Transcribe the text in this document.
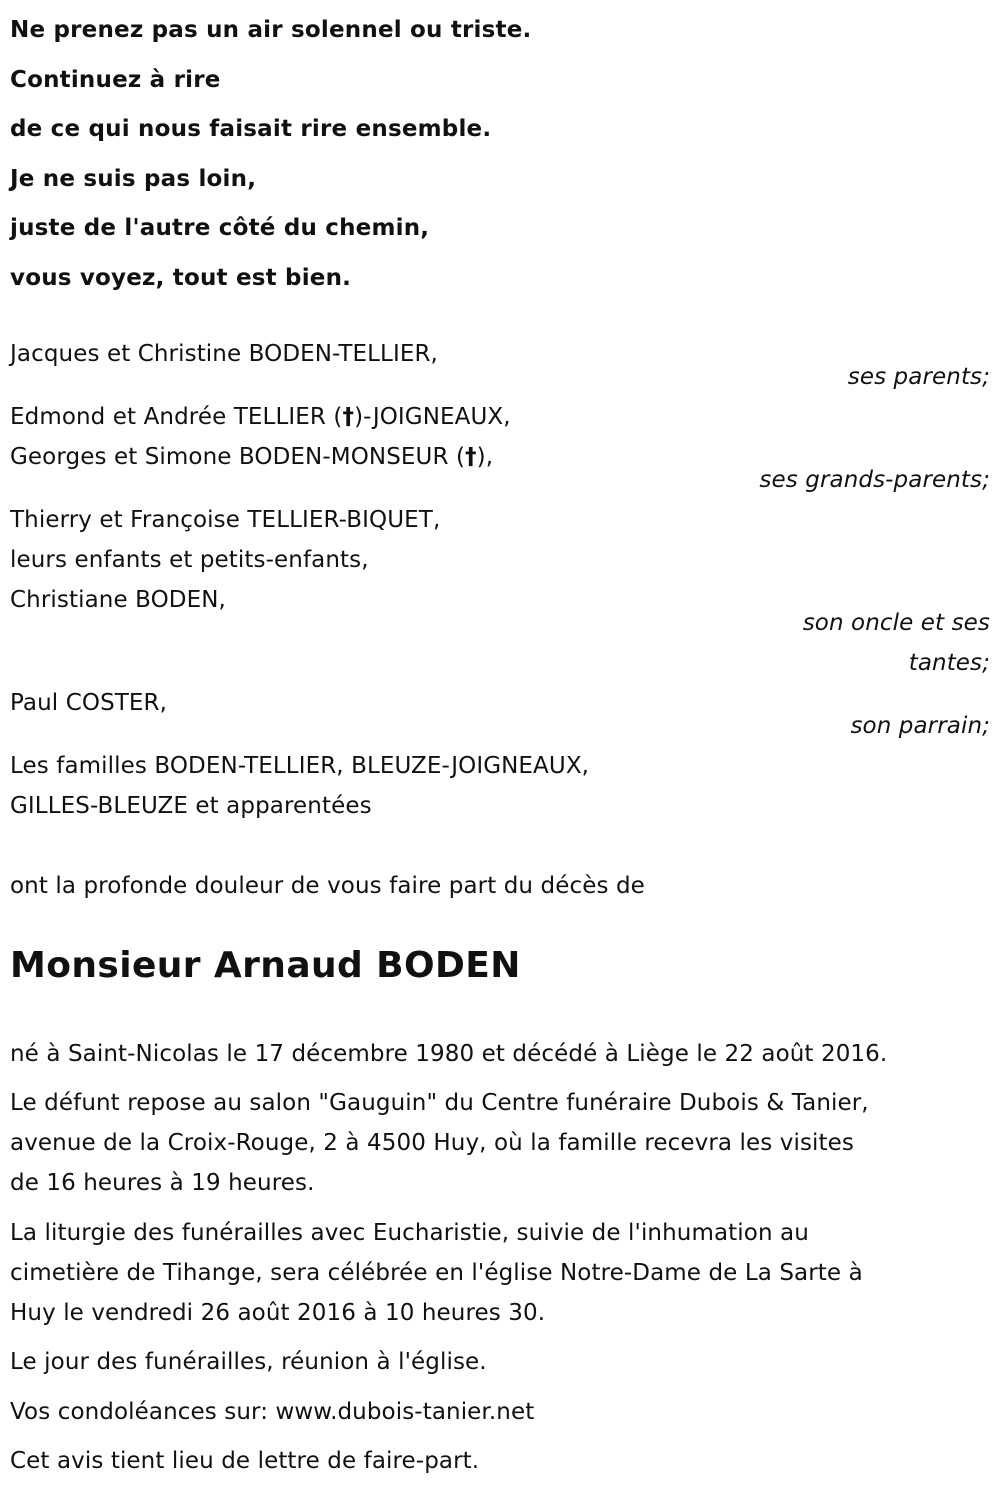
Ne prenez pas un air solennel ou triste.
Continuez à rire
de ce qui nous faisait rire ensemble.
Je ne suis pas loin,
juste de l'autre côté du chemin,
vous voyez, tout est bien.
Jacques et Christine BODEN-TELLIER,
ses parents;
Edmond et Andrée TELLIER (†)-JOIGNEAUX,
Georges et Simone BODEN-MONSEUR (†),
ses grands-parents;
Thierry et Françoise TELLIER-BIQUET,
leurs enfants et petits-enfants,
Christiane BODEN,
son oncle et ses
tantes;
Paul COSTER,
son parrain;
Les familles BODEN-TELLIER, BLEUZE-JOIGNEAUX,
GILLES-BLEUZE et apparentées
ont la profonde douleur de vous faire part du décès de
Monsieur Arnaud BODEN
né à Saint-Nicolas le 17 décembre 1980 et décédé à Liège le 22 août 2016.
Le défunt repose au salon "Gauguin" du Centre funéraire Dubois & Tanier,
avenue de la Croix-Rouge, 2 à 4500 Huy, où la famille recevra les visites
de 16 heures à 19 heures.
La liturgie des funérailles avec Eucharistie, suivie de l'inhumation au
cimetière de Tihange, sera célébrée en l'église Notre-Dame de La Sarte à
Huy le vendredi 26 août 2016 à 10 heures 30.
Le jour des funérailles, réunion à l'église.
Vos condoléances sur: www.dubois-tanier.net
Cet avis tient lieu de lettre de faire-part.
